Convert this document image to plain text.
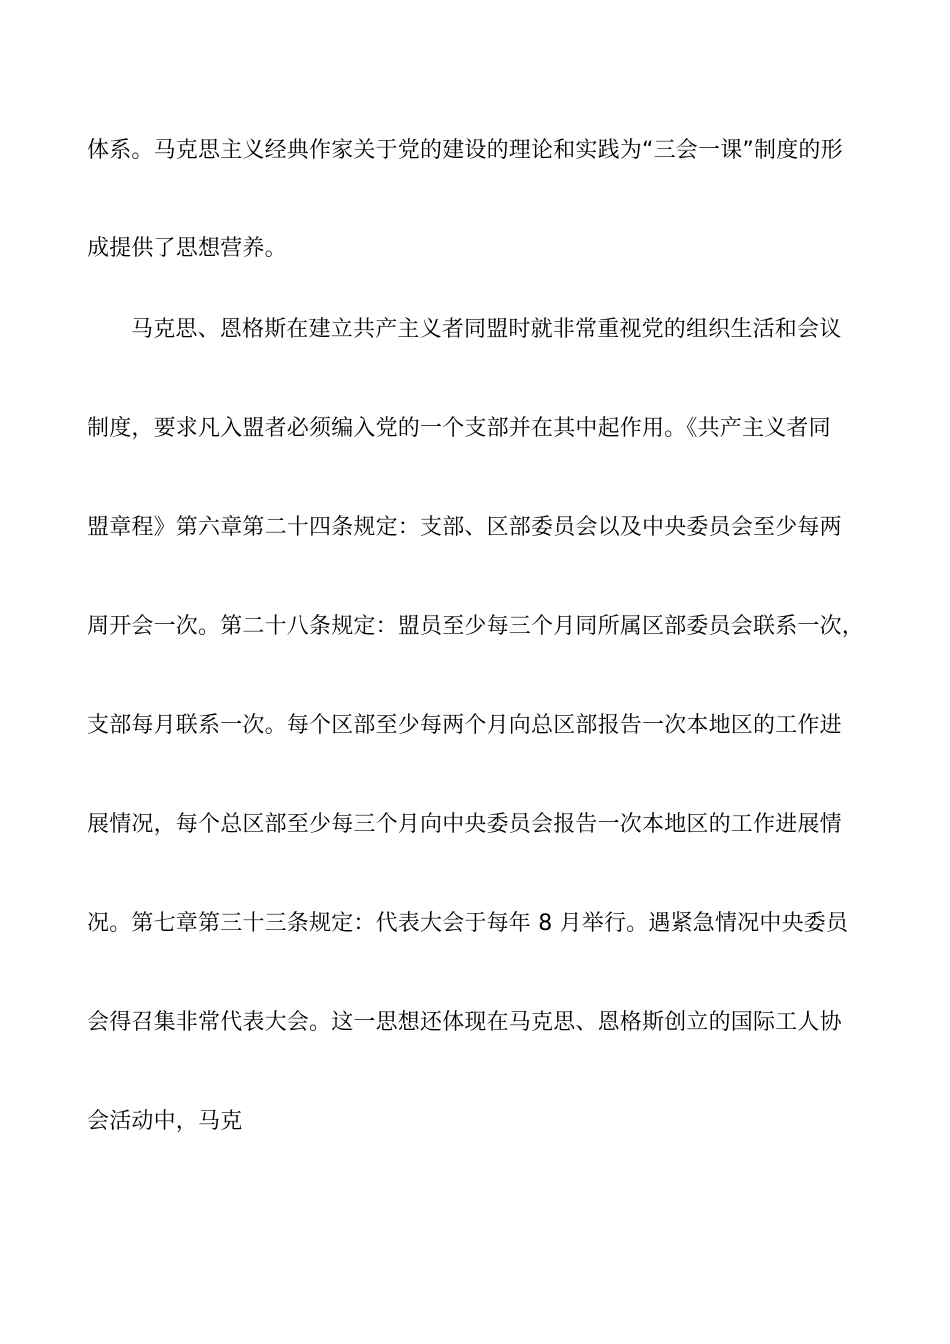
体系。马克思主义经典作家关于党的建设的理论和实践为“三会一课”制度的形
成提供了思想营养。
马克思、恩格斯在建立共产主义者同盟时就非常重视党的组织生活和会议
制度，要求凡入盟者必须编入党的一个支部并在其中起作用。《共产主义者同
盟章程》第六章第二十四条规定：支部、区部委员会以及中央委员会至少每两
周开会一次。第二十八条规定：盟员至少每三个月同所属区部委员会联系一次，
支部每月联系一次。每个区部至少每两个月向总区部报告一次本地区的工作进
展情况，每个总区部至少每三个月向中央委员会报告一次本地区的工作进展情
况。第七章第三十三条规定：代表大会于每年 8 月举行。遇紧急情况中央委员
会得召集非常代表大会。这一思想还体现在马克思、恩格斯创立的国际工人协
会活动中，马克
